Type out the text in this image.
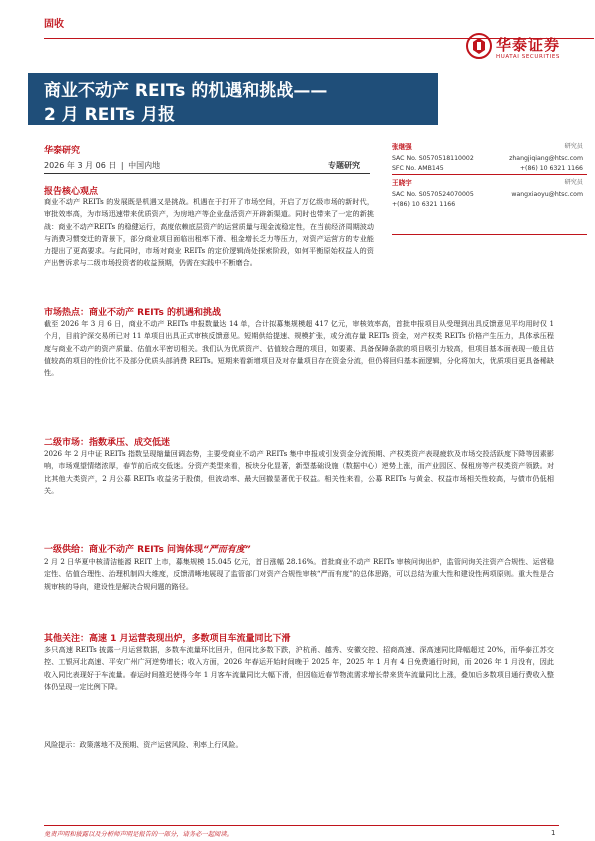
固收
华泰证券
HUATAI SECURITIES
商业不动产 REITs 的机遇和挑战——
2 月 REITs 月报
华泰研究
2026 年 3 月 06 日 | 中国内地	专题研究
张继强	研究员
SAC No. S0570518110002	zhangjiqiang@htsc.com
SFC No. AMB145	+(86) 10 6321 1166
王晓宇	研究员
SAC No. S0570524070005	wangxiaoyu@htsc.com
+(86) 10 6321 1166
报告核心观点
商业不动产 REITs 的发展既是机遇又是挑战。机遇在于打开了市场空间，开启了万亿级市场的新时代，审批效率高，为市场迅速带来优质资产，为房地产等企业盘活资产开辟新渠道。同时也带来了一定的新挑战：商业不动产REITs 的稳健运行，高度依赖底层资产的运营质量与现金流稳定性，在当前经济周期波动与消费习惯变迁的背景下，部分商业项目面临出租率下滑、租金增长乏力等压力，对资产运营方的专业能力提出了更高要求。与此同时，市场对商业 REITs 的定价逻辑尚处探索阶段，如何平衡原始权益人的资产出售诉求与二级市场投资者的收益预期，仍需在实践中不断磨合。
市场热点：商业不动产 REITs 的机遇和挑战
截至 2026 年 3 月 6 日，商业不动产 REITs 申报数量达 14 单，合计拟募集规模超 417 亿元，审核效率高，首批申报项目从受理到出具反馈意见平均用时仅 1 个月，目前沪深交易所已对 11 单项目出具正式审核反馈意见。短期供给提速、规模扩张，或分流存量 REITs 资金，对产权类 REITs 价格产生压力，具体承压程度与商业不动产的资产质量、估值水平密切相关。我们认为优质资产、估值较合理的项目，如要素、具备保障条款的项目吸引力较高，但项目基本面表现一般且估值较高的项目的性价比不及部分优质头部消费 REITs。短期来看新增项目及对存量项目存在资金分流，但仍将回归基本面逻辑，分化将加大，优质项目更具备稀缺性。
二级市场：指数承压、成交低迷
2026 年 2 月中证 REITs 指数呈现缩量回调态势，主要受商业不动产 REITs 集中申报或引发资金分流预期、产权类资产表现疲软及市场交投活跃度下降等因素影响，市场观望情绪浓厚，春节前后成交低迷。分资产类型来看，板块分化显著，新型基础设施（数据中心）逆势上涨，而产业园区、保租房等产权类资产领跌。对比其他大类资产，2 月公募 REITs 收益劣于股债，但波动率、最大回撤显著优于权益。相关性来看，公募 REITs 与黄金、权益市场相关性较高，与债市仍低相关。
一级供给：商业不动产 REITs 问询体现“严而有度”
2 月 2 日华夏中核清洁能源 REIT 上市，募集规模 15.045 亿元，首日涨幅 28.16%。首批商业不动产 REITs 审核问询出炉，监管问询关注资产合规性、运营稳定性、估值合理性、治理机制四大维度，反馈清晰地展现了监管部门对资产合规性审核“严而有度”的总体思路，可以总结为重大性和建设性两项原则。重大性是合规审核的导向，建设性是解决合规问题的路径。
其他关注：高速 1 月运营表现出炉，多数项目车流量同比下滑
多只高速 REITs 披露一月运营数据，多数车流量环比回升，但同比多数下跌，沪杭甬、越秀、安徽交控、招商高速、深高速同比降幅超过 20%，而华泰江苏交控、工银河北高速、平安广州广河逆势增长；收入方面，2026 年春运开始时间晚于 2025 年，2025 年 1 月有 4 日免费通行时间，而 2026 年 1 月没有，因此收入同比表现好于车流量。春运时间推迟使得今年 1 月客车流量同比大幅下滑，但因临近春节物流需求增长带来货车流量同比上涨，叠加后多数项目通行费收入整体仍呈现一定比例下降。
风险提示：政策落地不及预期、资产运营风险、利率上行风险。
免责声明和披露以及分析师声明是报告的一部分，请务必一起阅读。	1
